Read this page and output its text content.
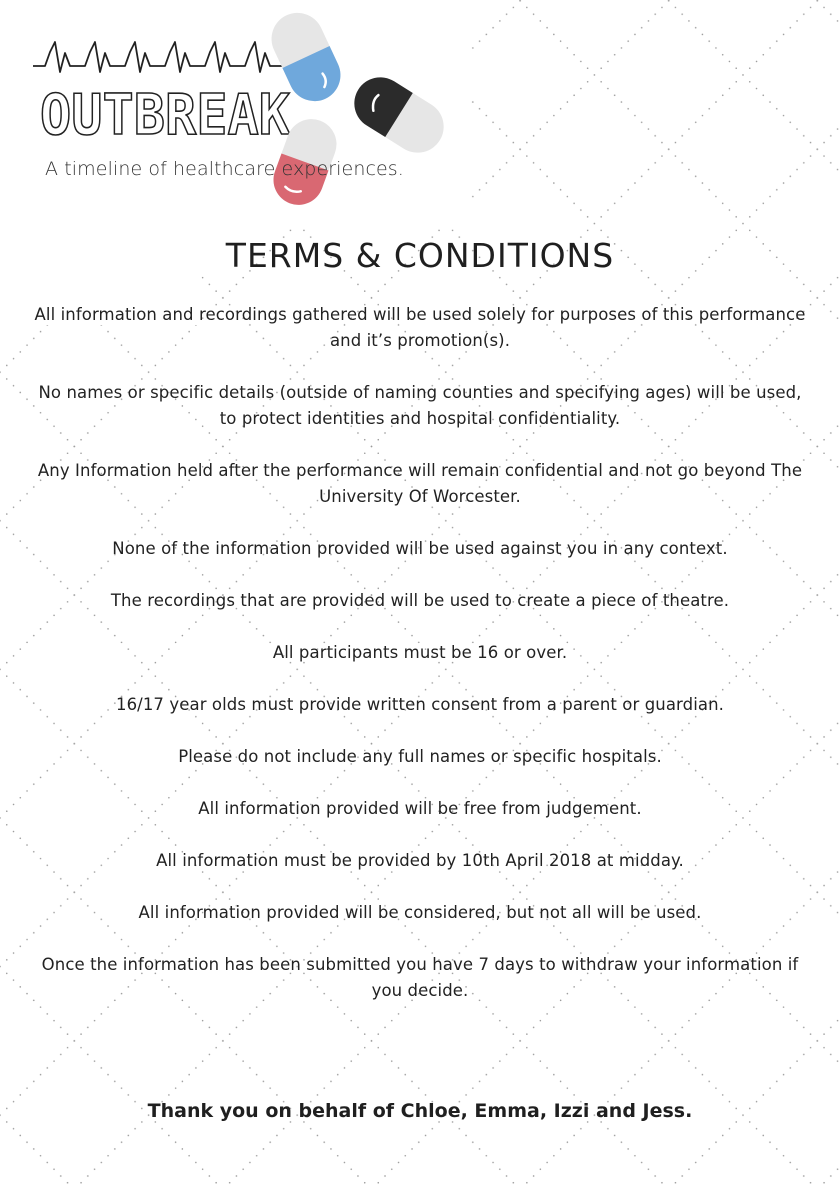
OUTBREAK
A timeline of healthcare experiences.
TERMS & CONDITIONS

All information and recordings gathered will be used solely for purposes of this performance and it’s promotion(s).

No names or specific details (outside of naming counties and specifying ages) will be used, to protect identities and hospital confidentiality.

Any Information held after the performance will remain confidential and not go beyond The University Of Worcester.

None of the information provided will be used against you in any context.

The recordings that are provided will be used to create a piece of theatre.

All participants must be 16 or over.

16/17 year olds must provide written consent from a parent or guardian.

Please do not include any full names or specific hospitals.

All information provided will be free from judgement.

All information must be provided by 10th April 2018 at midday.

All information provided will be considered, but not all will be used.

Once the information has been submitted you have 7 days to withdraw your information if you decide.

Thank you on behalf of Chloe, Emma, Izzi and Jess.
